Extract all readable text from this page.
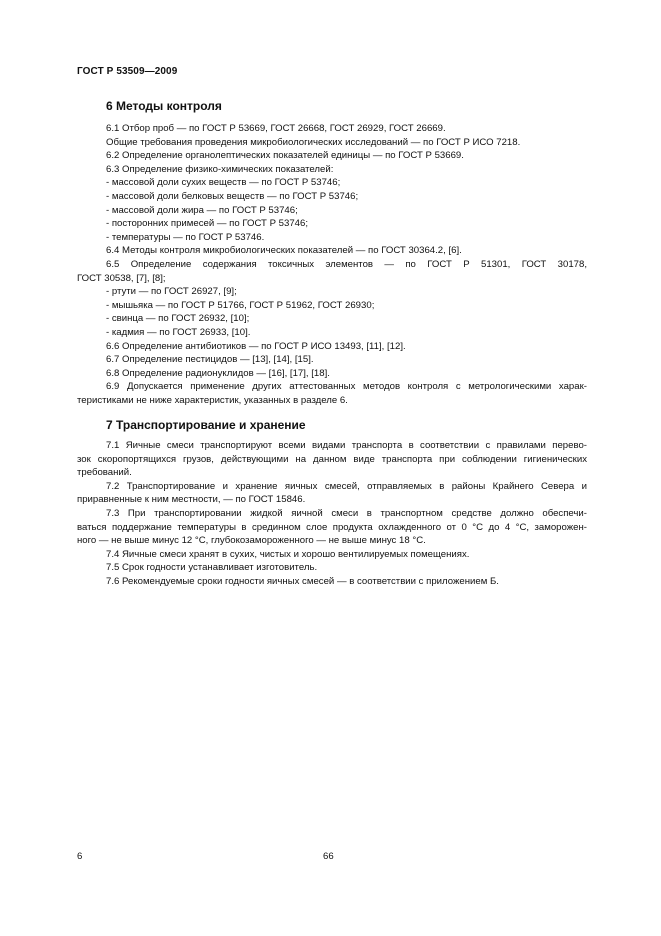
ГОСТ Р 53509—2009
6 Методы контроля

6.1 Отбор проб — по ГОСТ Р 53669, ГОСТ 26668, ГОСТ 26929, ГОСТ 26669.

Общие требования проведения микробиологических исследований — по ГОСТ Р ИСО 7218.

6.2 Определение органолептических показателей единицы — по ГОСТ Р 53669.

6.3 Определение физико-химических показателей:

- массовой доли сухих веществ — по ГОСТ Р 53746;

- массовой доли белковых веществ — по ГОСТ Р 53746;

- массовой доли жира — по ГОСТ Р 53746;

- посторонних примесей — по ГОСТ Р 53746;

- температуры — по ГОСТ Р 53746.

6.4 Методы контроля микробиологических показателей — по ГОСТ 30364.2, [6].

6.5 Определение содержания токсичных элементов — по ГОСТ Р 51301, ГОСТ 30178,

ГОСТ 30538, [7], [8];

- ртути — по ГОСТ 26927, [9];

- мышьяка — по ГОСТ Р 51766, ГОСТ Р 51962, ГОСТ 26930;

- свинца — по ГОСТ 26932, [10];

- кадмия — по ГОСТ 26933, [10].

6.6 Определение антибиотиков — по ГОСТ Р ИСО 13493, [11], [12].

6.7 Определение пестицидов — [13], [14], [15].

6.8 Определение радионуклидов — [16], [17], [18].

6.9 Допускается применение других аттестованных методов контроля с метрологическими харак-

теристиками не ниже характеристик, указанных в разделе 6.

7 Транспортирование и хранение

7.1 Яичные смеси транспортируют всеми видами транспорта в соответствии с правилами перево-

зок скоропортящихся грузов, действующими на данном виде транспорта при соблюдении гигиенических

требований.

7.2 Транспортирование и хранение яичных смесей, отправляемых в районы Крайнего Севера и

приравненные к ним местности, — по ГОСТ 15846.

7.3 При транспортировании жидкой яичной смеси в транспортном средстве должно обеспечи-

ваться поддержание температуры в срединном слое продукта охлажденного от 0 °С до 4 °С, заморожен-

ного — не выше минус 12 °С, глубокозамороженного — не выше минус 18 °С.

7.4 Яичные смеси хранят в сухих, чистых и хорошо вентилируемых помещениях.

7.5 Срок годности устанавливает изготовитель.

7.6 Рекомендуемые сроки годности яичных смесей — в соответствии с приложением Б.

6	66
